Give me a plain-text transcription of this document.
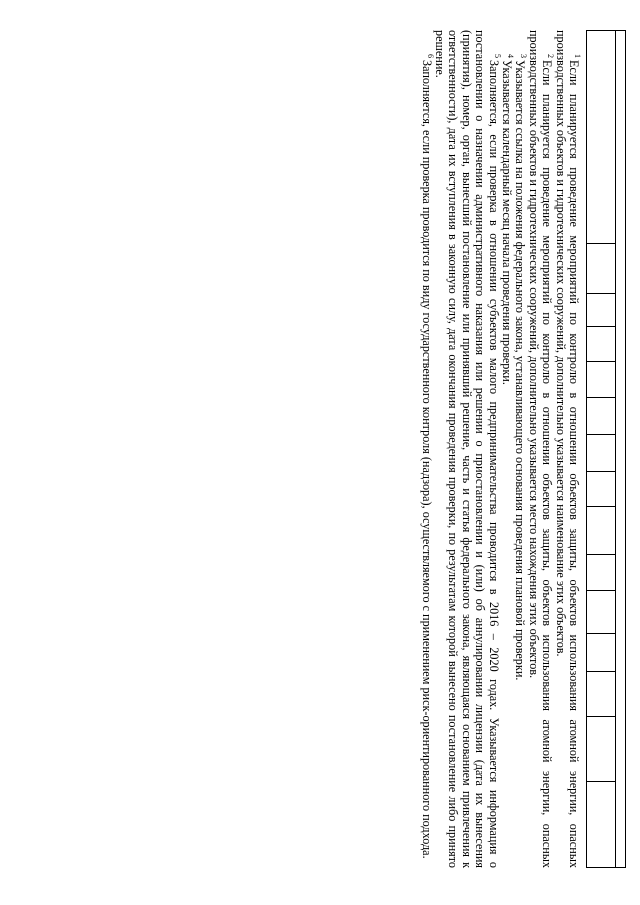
$^1$Если планируется проведение мероприятий по контролю в отношении объектов защиты, объектов использования атомной энергии, опасных производственных объектов и гидротехнических сооружений, дополнительно указывается наименование этих объектов.

$^2$Если планируется проведение мероприятий по контролю в отношении объектов защиты, объектов использования атомной энергии, опасных производственных объектов и гидротехнических сооружений, дополнительно указывается место нахождения этих объектов.

$^3$Указывается ссылка на положения федерального закона, устанавливающего основания проведения плановой проверки.

$^4$Указывается календарный месяц начала проведения проверки.

$^5$Заполняется, если проверка в отношении субъектов малого предпринимательства проводится в 2016 – 2020 годах. Указывается информация о постановлении о назначении административного наказания или решении о приостановлении и (или) об аннулировании лицензии (дата их вынесения (принятия), номер, орган, вынесший постановление или принявший решение, часть и статья федерального закона, являющаяся основанием привлечения к ответственности), дата их вступления в законную силу, дата окончания проведения проверки, по результатам которой вынесено постановление либо принято решение.

$^6$Заполняется, если проверка проводится по виду государственного контроля (надзора), осуществляемого с применением риск-ориентированного подхода.
